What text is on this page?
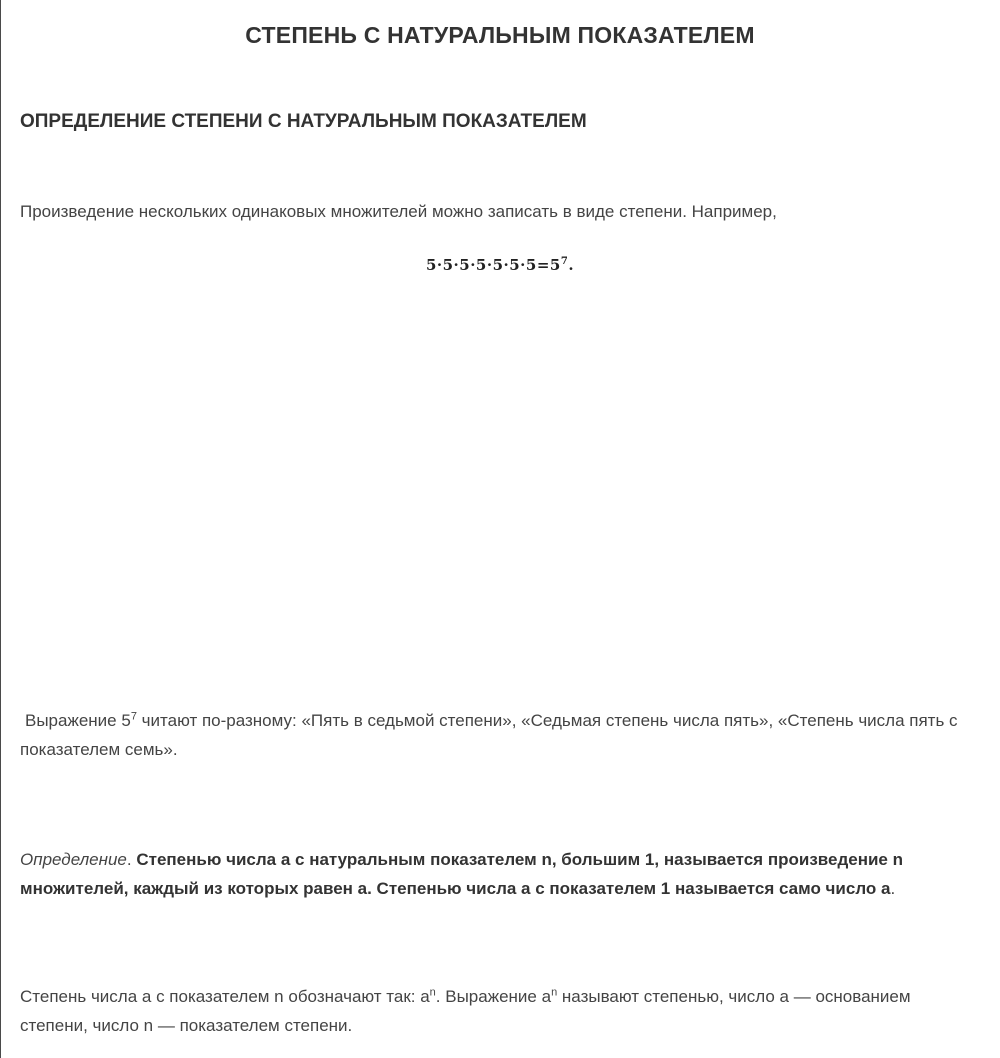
СТЕПЕНЬ С НАТУРАЛЬНЫМ ПОКАЗАТЕЛЕМ
ОПРЕДЕЛЕНИЕ СТЕПЕНИ С НАТУРАЛЬНЫМ ПОКАЗАТЕЛЕМ

Произведение нескольких одинаковых множителей можно записать в виде степени. Например,

$5\cdot 5\cdot 5\cdot 5\cdot 5\cdot 5\cdot 5=5^7$.

Выражение $5^7$ читают по-разному: «Пять в седьмой степени», «Седьмая степень числа пять», «Степень числа пять с показателем семь».

Определение. Степенью числа a с натуральным показателем n, большим 1, называется произведение n множителей, каждый из которых равен a. Степенью числа a с показателем 1 называется само число a.

Степень числа a с показателем n обозначают так: $a^n$. Выражение $a^n$ называют степенью, число a — основанием степени, число n — показателем степени.
